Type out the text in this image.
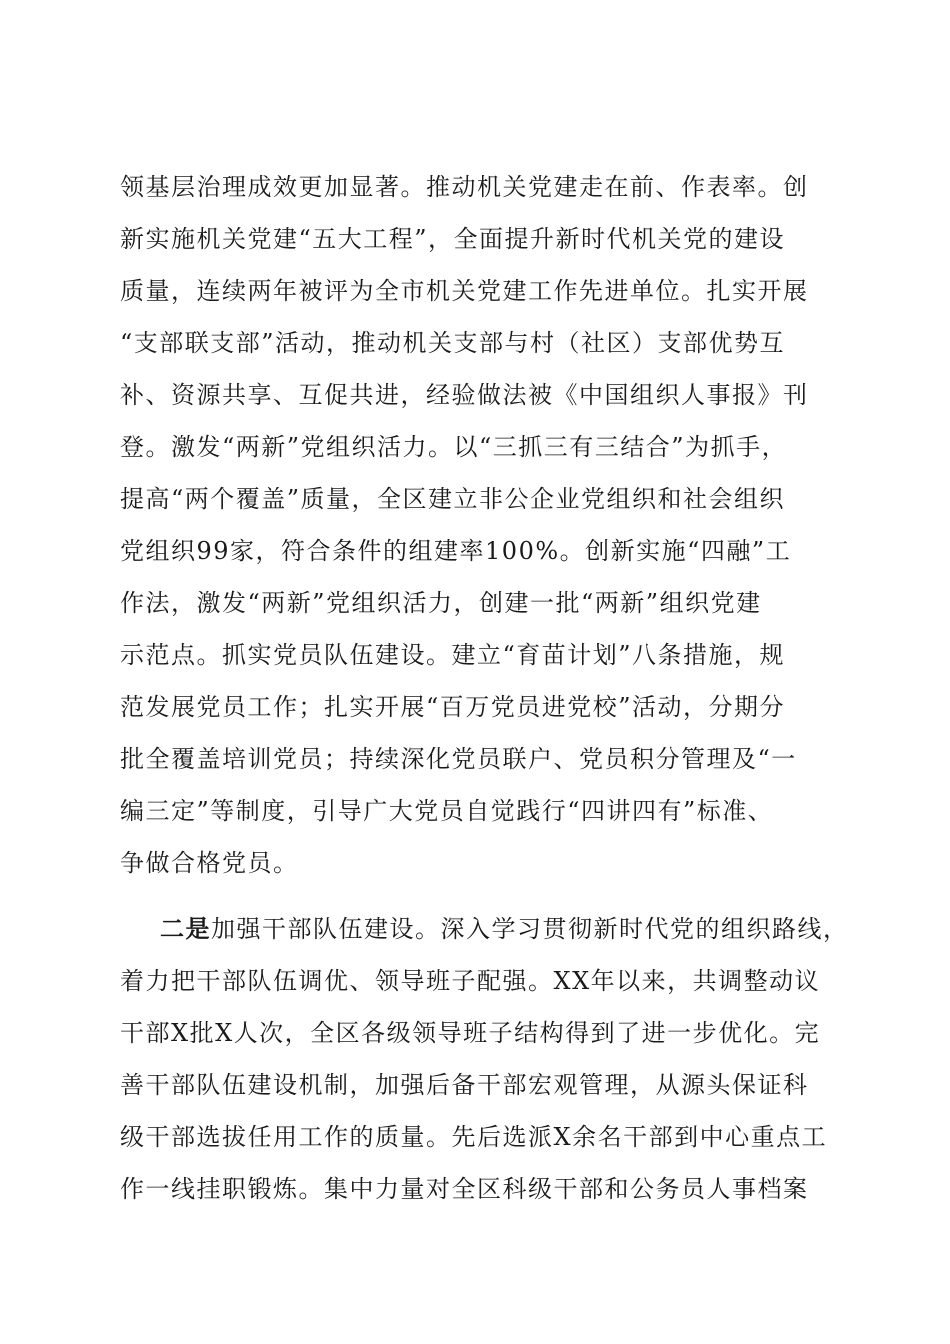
领基层治理成效更加显著。推动机关党建走在前、作表率。创
新实施机关党建“五大工程”，全面提升新时代机关党的建设
质量，连续两年被评为全市机关党建工作先进单位。扎实开展
“支部联支部”活动，推动机关支部与村（社区）支部优势互
补、资源共享、互促共进，经验做法被《中国组织人事报》刊
登。激发“两新”党组织活力。以“三抓三有三结合”为抓手，
提高“两个覆盖”质量，全区建立非公企业党组织和社会组织
党组织99家，符合条件的组建率100%。创新实施“四融”工
作法，激发“两新”党组织活力，创建一批“两新”组织党建
示范点。抓实党员队伍建设。建立“育苗计划”八条措施，规
范发展党员工作；扎实开展“百万党员进党校”活动，分期分
批全覆盖培训党员；持续深化党员联户、党员积分管理及“一
编三定”等制度，引导广大党员自觉践行“四讲四有”标准、
争做合格党员。
二是加强干部队伍建设。深入学习贯彻新时代党的组织路线，
着力把干部队伍调优、领导班子配强。XX年以来，共调整动议
干部X批X人次，全区各级领导班子结构得到了进一步优化。完
善干部队伍建设机制，加强后备干部宏观管理，从源头保证科
级干部选拔任用工作的质量。先后选派X余名干部到中心重点工
作一线挂职锻炼。集中力量对全区科级干部和公务员人事档案
